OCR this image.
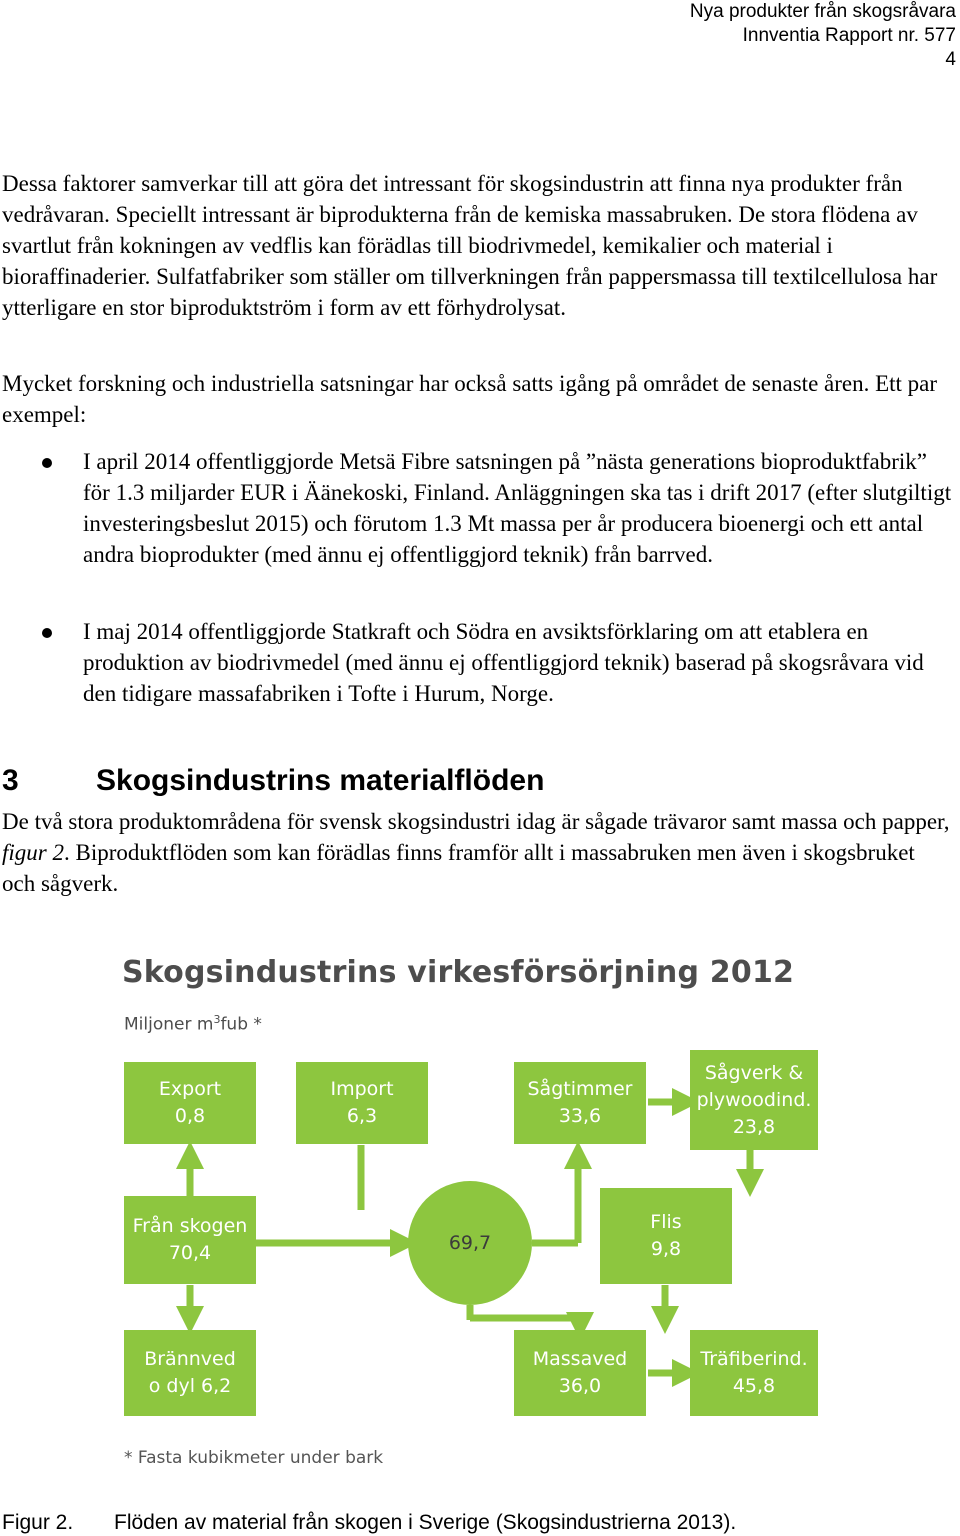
Nya produkter från skogsråvara
Innventia Rapport nr. 577
4

Dessa faktorer samverkar till att göra det intressant för skogsindustrin att finna nya produkter från vedråvaran. Speciellt intressant är biprodukterna från de kemiska massabruken. De stora flödena av svartlut från kokningen av vedflis kan förädlas till biodrivmedel, kemikalier och material i bioraffinaderier. Sulfatfabriker som ställer om tillverkningen från pappersmassa till textilcellulosa har ytterligare en stor biproduktström i form av ett förhydrolysat.

Mycket forskning och industriella satsningar har också satts igång på området de senaste åren. Ett par exempel:

I april 2014 offentliggjorde Metsä Fibre satsningen på ”nästa generations bioproduktfabrik” för 1.3 miljarder EUR i Äänekoski, Finland. Anläggningen ska tas i drift 2017 (efter slutgiltigt investeringsbeslut 2015) och förutom 1.3 Mt massa per år producera bioenergi och ett antal andra bioprodukter (med ännu ej offentliggjord teknik) från barrved.

I maj 2014 offentliggjorde Statkraft och Södra en avsiktsförklaring om att etablera en produktion av biodrivmedel (med ännu ej offentliggjord teknik) baserad på skogsråvara vid den tidigare massafabriken i Tofte i Hurum, Norge.

3	Skogsindustrins materialflöden

De två stora produktområdena för svensk skogsindustri idag är sågade trävaror samt massa och papper, figur 2. Biproduktflöden som kan förädlas finns framför allt i massabruken men även i skogsbruket och sågverk.

Skogsindustrins virkesförsörjning 2012
Miljoner $m^3fub$ *
Export
0,8
Import
6,3
Sågtimmer
33,6
Sågverk &
plywoodind.
23,8
Från skogen
70,4	69,7
Flis
9,8
Brännved
o dyl 6,2
Massaved
36,0
Träfiberind.
45,8
* Fasta kubikmeter under bark
Figur 2. Flöden av material från skogen i Sverige (Skogsindustrierna 2013).
